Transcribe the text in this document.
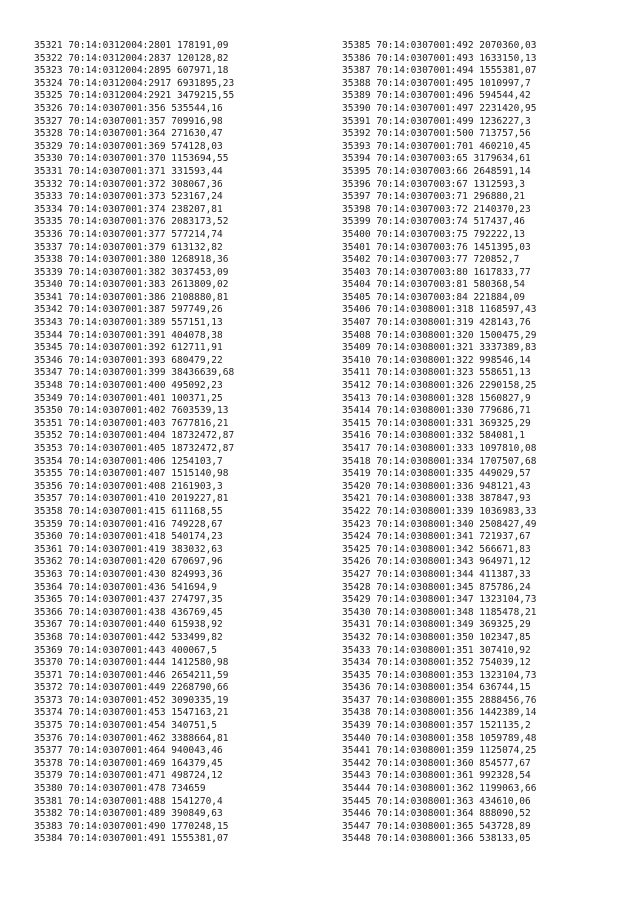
35321 70:14:0312004:2801 178191,09
35322 70:14:0312004:2837 120128,82
35323 70:14:0312004:2895 607971,18
35324 70:14:0312004:2917 6931895,23
35325 70:14:0312004:2921 3479215,55
35326 70:14:0307001:356 535544,16
35327 70:14:0307001:357 709916,98
35328 70:14:0307001:364 271630,47
35329 70:14:0307001:369 574128,03
35330 70:14:0307001:370 1153694,55
35331 70:14:0307001:371 331593,44
35332 70:14:0307001:372 308067,36
35333 70:14:0307001:373 523167,24
35334 70:14:0307001:374 238207,81
35335 70:14:0307001:376 2083173,52
35336 70:14:0307001:377 577214,74
35337 70:14:0307001:379 613132,82
35338 70:14:0307001:380 1268918,36
35339 70:14:0307001:382 3037453,09
35340 70:14:0307001:383 2613809,02
35341 70:14:0307001:386 2108880,81
35342 70:14:0307001:387 597749,26
35343 70:14:0307001:389 557151,13
35344 70:14:0307001:391 404078,38
35345 70:14:0307001:392 612711,91
35346 70:14:0307001:393 680479,22
35347 70:14:0307001:399 38436639,68
35348 70:14:0307001:400 495092,23
35349 70:14:0307001:401 100371,25
35350 70:14:0307001:402 7603539,13
35351 70:14:0307001:403 7677816,21
35352 70:14:0307001:404 18732472,87
35353 70:14:0307001:405 18732472,87
35354 70:14:0307001:406 1254103,7
35355 70:14:0307001:407 1515140,98
35356 70:14:0307001:408 2161903,3
35357 70:14:0307001:410 2019227,81
35358 70:14:0307001:415 611168,55
35359 70:14:0307001:416 749228,67
35360 70:14:0307001:418 540174,23
35361 70:14:0307001:419 383032,63
35362 70:14:0307001:420 670697,96
35363 70:14:0307001:430 824993,36
35364 70:14:0307001:436 541694,9
35365 70:14:0307001:437 274797,35
35366 70:14:0307001:438 436769,45
35367 70:14:0307001:440 615938,92
35368 70:14:0307001:442 533499,82
35369 70:14:0307001:443 400067,5
35370 70:14:0307001:444 1412580,98
35371 70:14:0307001:446 2654211,59
35372 70:14:0307001:449 2268790,66
35373 70:14:0307001:452 3090335,19
35374 70:14:0307001:453 1547163,21
35375 70:14:0307001:454 340751,5
35376 70:14:0307001:462 3388664,81
35377 70:14:0307001:464 940043,46
35378 70:14:0307001:469 164379,45
35379 70:14:0307001:471 498724,12
35380 70:14:0307001:478 734659
35381 70:14:0307001:488 1541270,4
35382 70:14:0307001:489 390849,63
35383 70:14:0307001:490 1770248,15
35384 70:14:0307001:491 1555381,07
35385 70:14:0307001:492 2070360,03
35386 70:14:0307001:493 1633150,13
35387 70:14:0307001:494 1555381,07
35388 70:14:0307001:495 1010997,7
35389 70:14:0307001:496 594544,42
35390 70:14:0307001:497 2231420,95
35391 70:14:0307001:499 1236227,3
35392 70:14:0307001:500 713757,56
35393 70:14:0307001:701 460210,45
35394 70:14:0307003:65 3179634,61
35395 70:14:0307003:66 2648591,14
35396 70:14:0307003:67 1312593,3
35397 70:14:0307003:71 296880,21
35398 70:14:0307003:72 2140370,23
35399 70:14:0307003:74 517437,46
35400 70:14:0307003:75 792222,13
35401 70:14:0307003:76 1451395,03
35402 70:14:0307003:77 720852,7
35403 70:14:0307003:80 1617833,77
35404 70:14:0307003:81 580368,54
35405 70:14:0307003:84 221884,09
35406 70:14:0308001:318 1168597,43
35407 70:14:0308001:319 428143,76
35408 70:14:0308001:320 1500475,29
35409 70:14:0308001:321 3337389,83
35410 70:14:0308001:322 998546,14
35411 70:14:0308001:323 558651,13
35412 70:14:0308001:326 2290158,25
35413 70:14:0308001:328 1560827,9
35414 70:14:0308001:330 779686,71
35415 70:14:0308001:331 369325,29
35416 70:14:0308001:332 584081,1
35417 70:14:0308001:333 1097810,08
35418 70:14:0308001:334 1707507,68
35419 70:14:0308001:335 449029,57
35420 70:14:0308001:336 948121,43
35421 70:14:0308001:338 387847,93
35422 70:14:0308001:339 1036983,33
35423 70:14:0308001:340 2508427,49
35424 70:14:0308001:341 721937,67
35425 70:14:0308001:342 566671,83
35426 70:14:0308001:343 964971,12
35427 70:14:0308001:344 411387,33
35428 70:14:0308001:345 875786,24
35429 70:14:0308001:347 1323104,73
35430 70:14:0308001:348 1185478,21
35431 70:14:0308001:349 369325,29
35432 70:14:0308001:350 102347,85
35433 70:14:0308001:351 307410,92
35434 70:14:0308001:352 754039,12
35435 70:14:0308001:353 1323104,73
35436 70:14:0308001:354 636744,15
35437 70:14:0308001:355 2888456,76
35438 70:14:0308001:356 1442389,14
35439 70:14:0308001:357 1521135,2
35440 70:14:0308001:358 1059789,48
35441 70:14:0308001:359 1125074,25
35442 70:14:0308001:360 854577,67
35443 70:14:0308001:361 992328,54
35444 70:14:0308001:362 1199063,66
35445 70:14:0308001:363 434610,06
35446 70:14:0308001:364 888090,52
35447 70:14:0308001:365 543728,89
35448 70:14:0308001:366 538133,05
